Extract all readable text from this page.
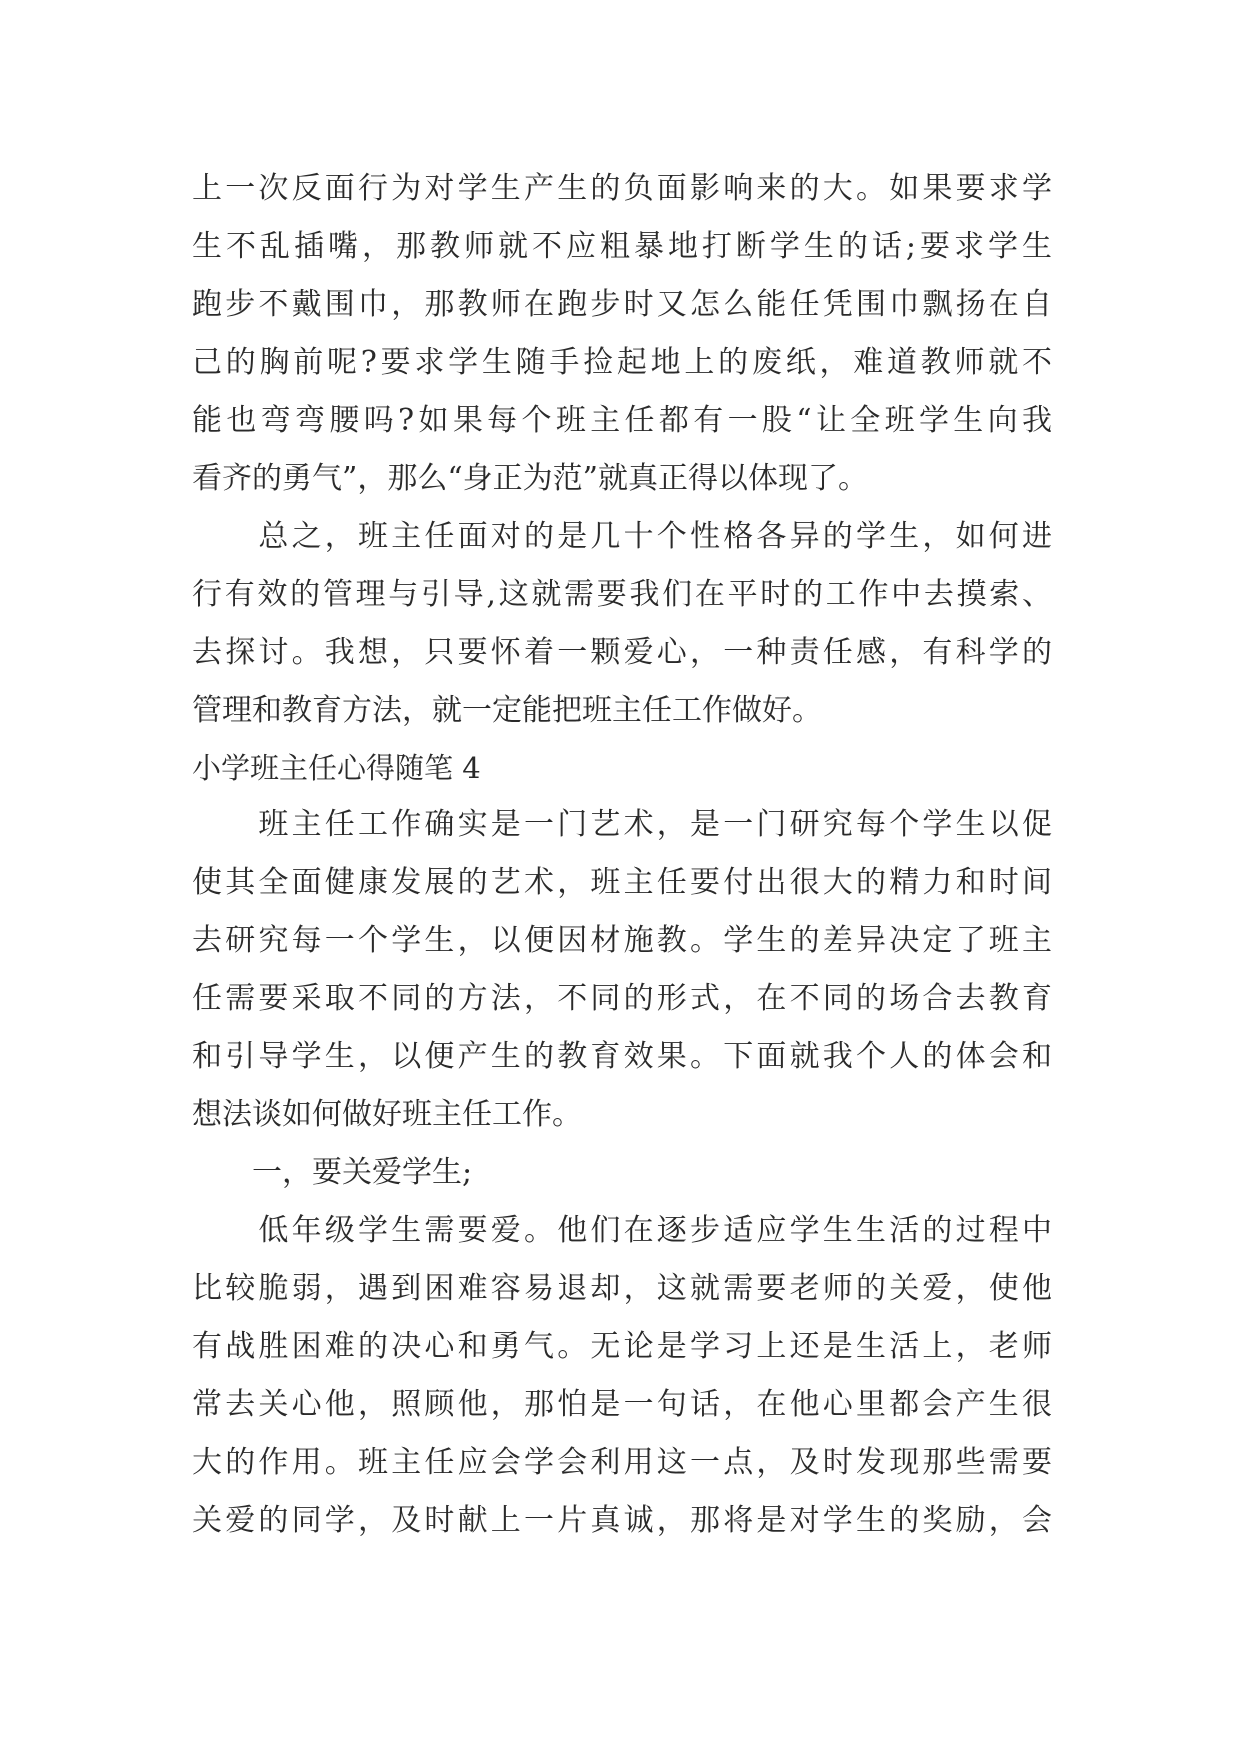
上一次反面行为对学生产生的负面影响来的大。如果要求学
生不乱插嘴，那教师就不应粗暴地打断学生的话;要求学生
跑步不戴围巾，那教师在跑步时又怎么能任凭围巾飘扬在自
己的胸前呢?要求学生随手捡起地上的废纸，难道教师就不
能也弯弯腰吗?如果每个班主任都有一股“让全班学生向我
看齐的勇气”，那么“身正为范”就真正得以体现了。
　　总之，班主任面对的是几十个性格各异的学生，如何进
行有效的管理与引导,这就需要我们在平时的工作中去摸索、
去探讨。我想，只要怀着一颗爱心，一种责任感，有科学的
管理和教育方法，就一定能把班主任工作做好。
小学班主任心得随笔 4
　　班主任工作确实是一门艺术，是一门研究每个学生以促
使其全面健康发展的艺术，班主任要付出很大的精力和时间
去研究每一个学生，以便因材施教。学生的差异决定了班主
任需要采取不同的方法，不同的形式，在不同的场合去教育
和引导学生，以便产生的教育效果。下面就我个人的体会和
想法谈如何做好班主任工作。
　　一，要关爱学生;
　　低年级学生需要爱。他们在逐步适应学生生活的过程中
比较脆弱，遇到困难容易退却，这就需要老师的关爱，使他
有战胜困难的决心和勇气。无论是学习上还是生活上，老师
常去关心他，照顾他，那怕是一句话，在他心里都会产生很
大的作用。班主任应会学会利用这一点，及时发现那些需要
关爱的同学，及时献上一片真诚，那将是对学生的奖励，会
